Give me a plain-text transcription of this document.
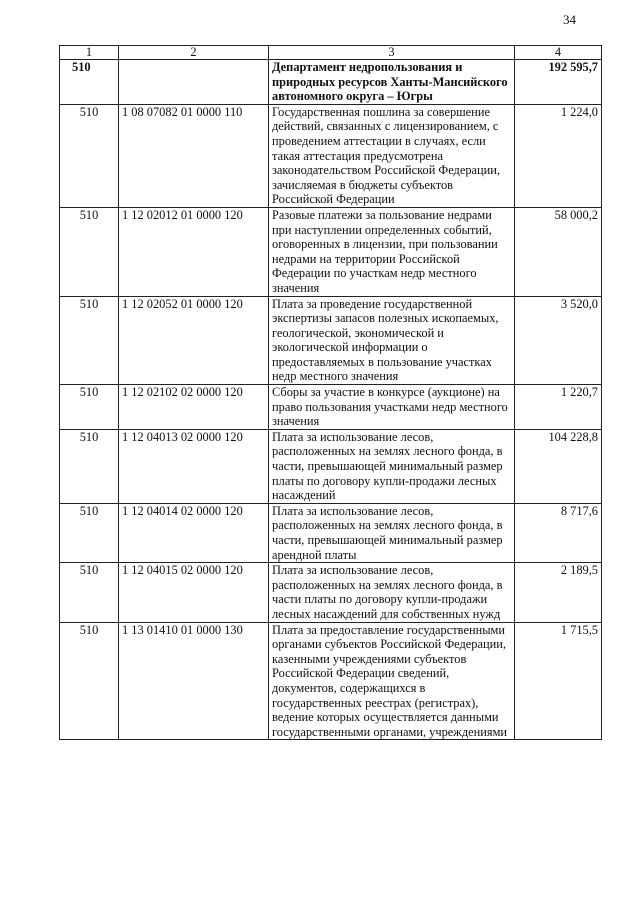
34
1	2	3	4
510		Департамент недропользования и природных ресурсов Ханты-Мансийского автономного округа – Югры	192 595,7
510	1 08 07082 01 0000 110	Государственная пошлина за совершение действий, связанных с лицензированием, с проведением аттестации в случаях, если такая аттестация предусмотрена законодательством Российской Федерации, зачисляемая в бюджеты субъектов Российской Федерации	1 224,0
510	1 12 02012 01 0000 120	Разовые платежи за пользование недрами при наступлении определенных событий, оговоренных в лицензии, при пользовании недрами на территории Российской Федерации по участкам недр местного значения	58 000,2
510	1 12 02052 01 0000 120	Плата за проведение государственной экспертизы запасов полезных ископаемых, геологической, экономической и экологической информации о предоставляемых в пользование участках недр местного значения	3 520,0
510	1 12 02102 02 0000 120	Сборы за участие в конкурсе (аукционе) на право пользования участками недр местного значения	1 220,7
510	1 12 04013 02 0000 120	Плата за использование лесов, расположенных на землях лесного фонда, в части, превышающей минимальный размер платы по договору купли-продажи лесных насаждений	104 228,8
510	1 12 04014 02 0000 120	Плата за использование лесов, расположенных на землях лесного фонда, в части, превышающей минимальный размер арендной платы	8 717,6
510	1 12 04015 02 0000 120	Плата за использование лесов, расположенных на землях лесного фонда, в части платы по договору купли-продажи лесных насаждений для собственных нужд	2 189,5
510	1 13 01410 01 0000 130	Плата за предоставление государственными органами субъектов Российской Федерации, казенными учреждениями субъектов Российской Федерации сведений, документов, содержащихся в государственных реестрах (регистрах), ведение которых осуществляется данными государственными органами, учреждениями	1 715,5
